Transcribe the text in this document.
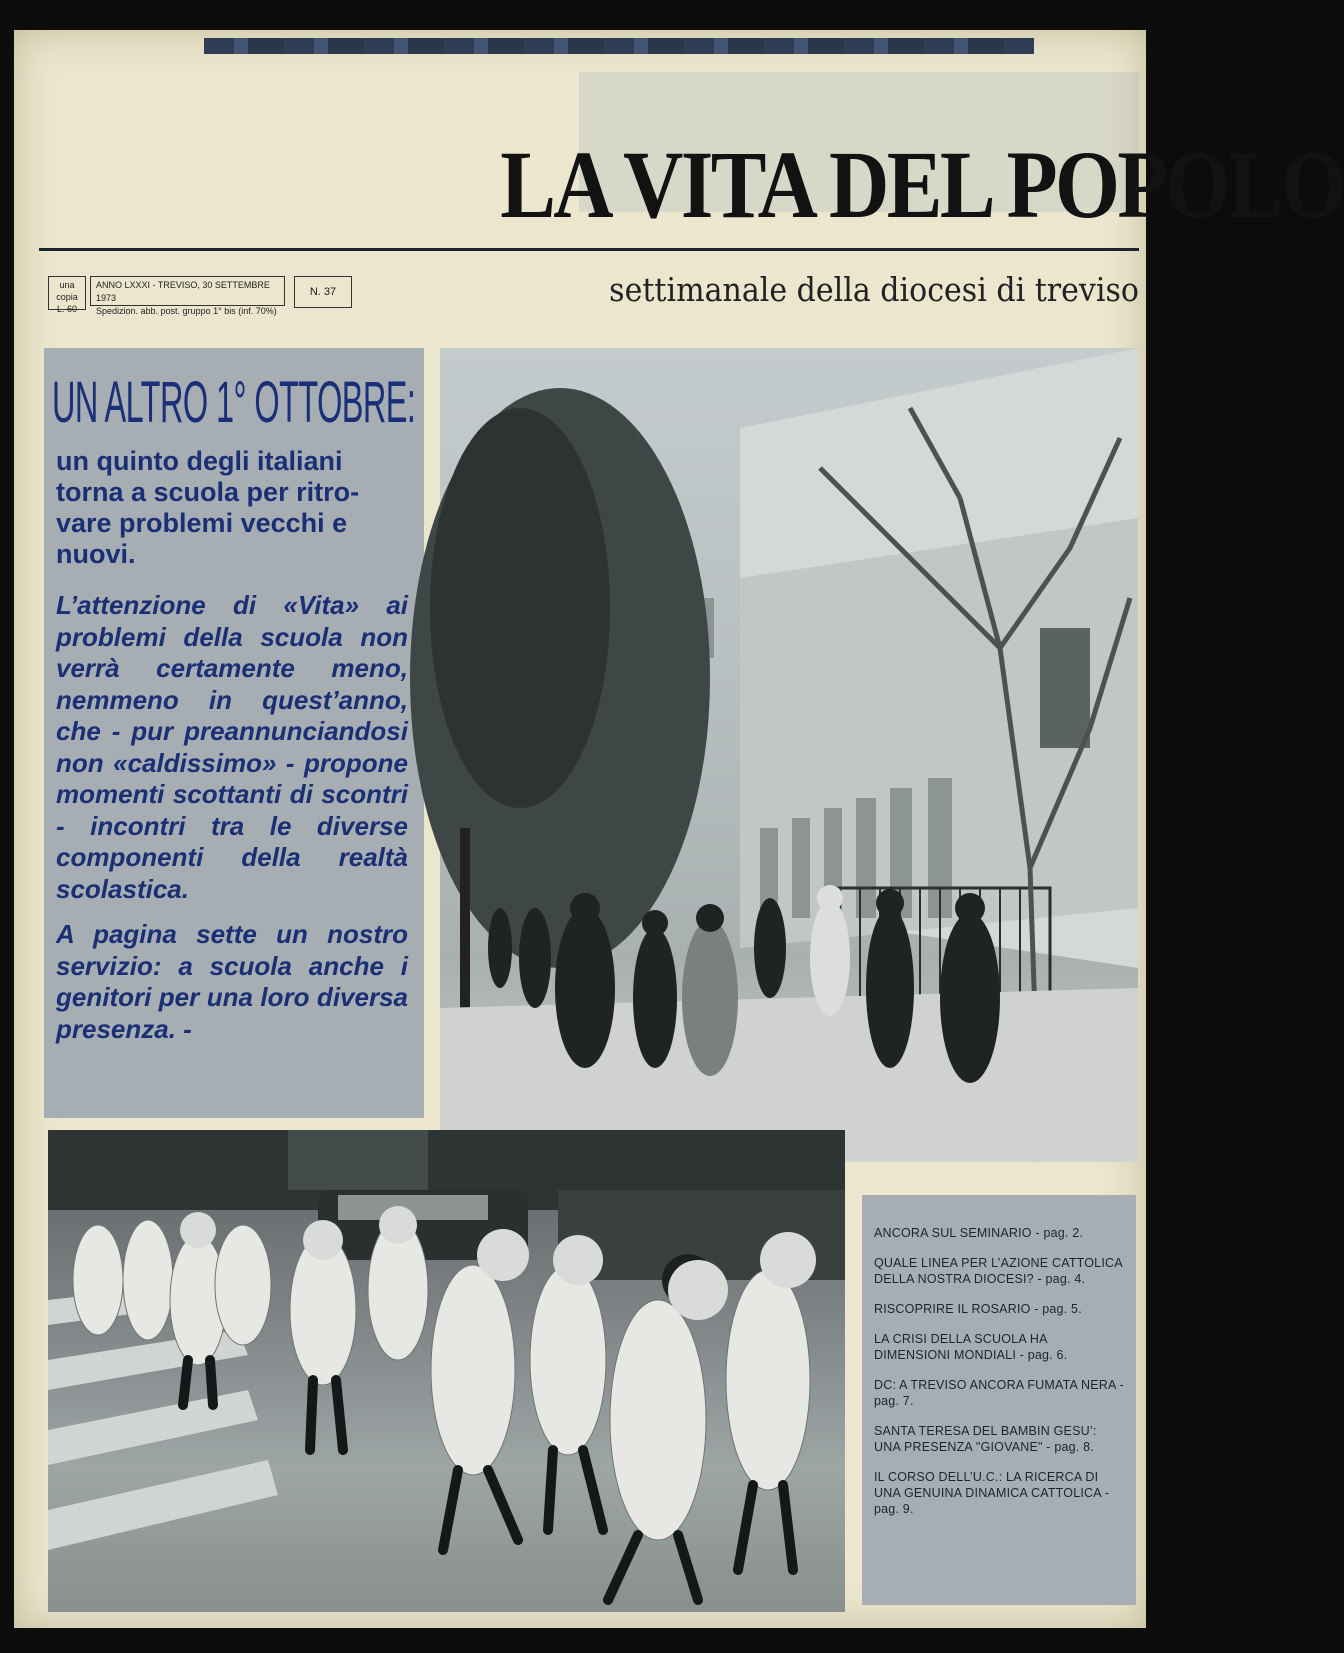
LA VITA DEL POPOLO
una copia
L. 60
ANNO LXXXI - TREVISO, 30 SETTEMBRE 1973
Spedizion. abb. post. gruppo 1° bis (inf. 70%)
N. 37	settimanale della diocesi di treviso
UN ALTRO 1° OTTOBRE:
un quinto degli italiani torna a scuola per ritro-vare problemi vecchi e nuovi.
L’attenzione di «Vita» ai problemi della scuola non verrà certamente meno, nemmeno in quest’anno, che - pur preannunciandosi non «caldissimo» - propone momenti scottanti di scontri - incontri tra le diverse componenti della realtà scolastica.
A pagina sette un nostro servizio: a scuola anche i genitori per una loro diversa presenza. -
ANCORA SUL SEMINARIO - pag. 2.
QUALE LINEA PER L’AZIONE CATTOLICA DELLA NOSTRA DIOCESI? - pag. 4.
RISCOPRIRE IL ROSARIO - pag. 5.
LA CRISI DELLA SCUOLA HA DIMENSIONI MONDIALI - pag. 6.
DC: A TREVISO ANCORA FUMATA NERA - pag. 7.
SANTA TERESA DEL BAMBIN GESU’: UNA PRESENZA "GIOVANE" - pag. 8.
IL CORSO DELL’U.C.: LA RICERCA DI UNA GENUINA DINAMICA CATTOLICA - pag. 9.
